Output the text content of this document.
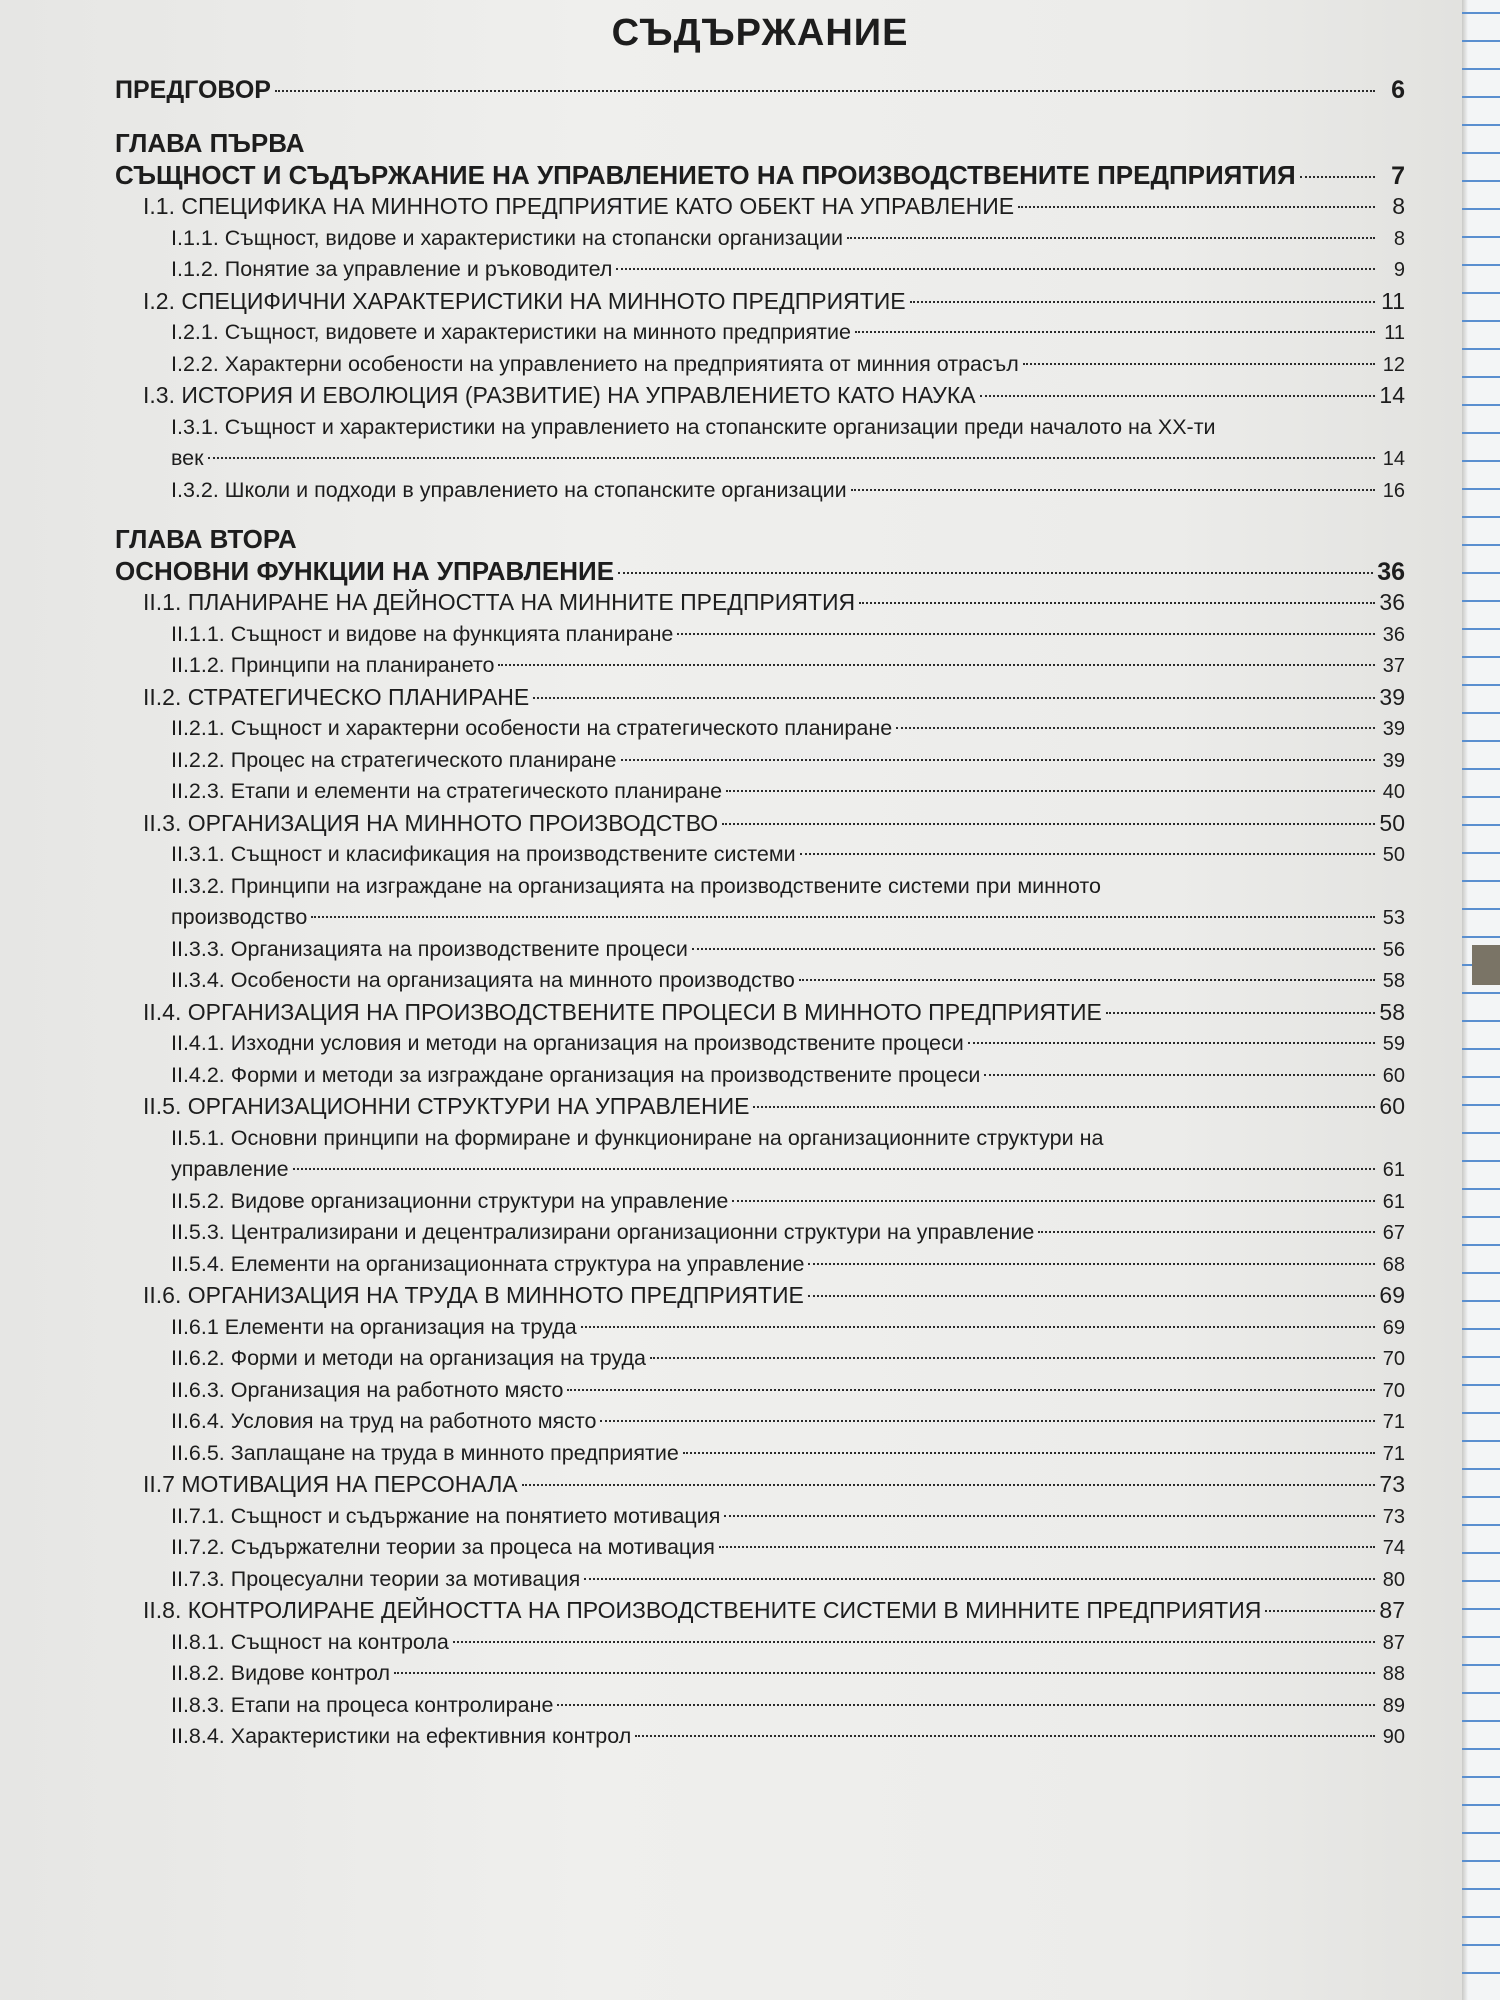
СЪДЪРЖАНИЕ
ПРЕДГОВОР	6
ГЛАВА ПЪРВА
СЪЩНОСТ И СЪДЪРЖАНИЕ НА УПРАВЛЕНИЕТО НА ПРОИЗВОДСТВЕНИТЕ ПРЕДПРИЯТИЯ	7
I.1. СПЕЦИФИКА НА МИННОТО ПРЕДПРИЯТИЕ КАТО ОБЕКТ НА УПРАВЛЕНИЕ	8
I.1.1. Същност, видове и характеристики на стопански организации	8
I.1.2. Понятие за управление и ръководител	9
I.2. СПЕЦИФИЧНИ ХАРАКТЕРИСТИКИ НА МИННОТО ПРЕДПРИЯТИЕ	11
I.2.1. Същност, видовете и характеристики на минното предприятие	11
I.2.2. Характерни особености на управлението на предприятията от минния отрасъл	12
I.3. ИСТОРИЯ И ЕВОЛЮЦИЯ (РАЗВИТИЕ) НА УПРАВЛЕНИЕТО КАТО НАУКА	14
I.3.1. Същност и характеристики на управлението на стопанските организации преди началото на XX-ти
век	14
I.3.2. Школи и подходи в управлението на стопанските организации	16
ГЛАВА ВТОРА
ОСНОВНИ ФУНКЦИИ НА УПРАВЛЕНИЕ	36
II.1. ПЛАНИРАНЕ НА ДЕЙНОСТТА НА МИННИТЕ ПРЕДПРИЯТИЯ	36
II.1.1. Същност и видове на функцията планиране	36
II.1.2. Принципи на планирането	37
II.2. СТРАТЕГИЧЕСКО ПЛАНИРАНЕ	39
II.2.1. Същност и характерни особености на стратегическото планиране	39
II.2.2. Процес на стратегическото планиране	39
II.2.3. Етапи и елементи на стратегическото планиране	40
II.3. ОРГАНИЗАЦИЯ НА МИННОТО ПРОИЗВОДСТВО	50
II.3.1. Същност и класификация на производствените системи	50
II.3.2. Принципи на изграждане на организацията на производствените системи при минното
производство	53
II.3.3. Организацията на производствените процеси	56
II.3.4. Особености на организацията на минното производство	58
II.4. ОРГАНИЗАЦИЯ НА ПРОИЗВОДСТВЕНИТЕ ПРОЦЕСИ В МИННОТО ПРЕДПРИЯТИЕ	58
II.4.1. Изходни условия и методи на организация на производствените процеси	59
II.4.2. Форми и методи за изграждане организация на производствените процеси	60
II.5. ОРГАНИЗАЦИОННИ СТРУКТУРИ НА УПРАВЛЕНИЕ	60
II.5.1. Основни принципи на формиране и функциониране на организационните структури на
управление	61
II.5.2. Видове организационни структури на управление	61
II.5.3. Централизирани и децентрализирани организационни структури на управление	67
II.5.4. Елементи на организационната структура на управление	68
II.6. ОРГАНИЗАЦИЯ НА ТРУДА В МИННОТО ПРЕДПРИЯТИЕ	69
II.6.1 Елементи на организация на труда	69
II.6.2. Форми и методи на организация на труда	70
II.6.3. Организация на работното място	70
II.6.4. Условия на труд на работното място	71
II.6.5. Заплащане на труда в минното предприятие	71
II.7 МОТИВАЦИЯ НА ПЕРСОНАЛА	73
II.7.1. Същност и съдържание на понятието мотивация	73
II.7.2. Съдържателни теории за процеса на мотивация	74
II.7.3. Процесуални теории за мотивация	80
II.8. КОНТРОЛИРАНЕ ДЕЙНОСТТА НА ПРОИЗВОДСТВЕНИТЕ СИСТЕМИ В МИННИТЕ ПРЕДПРИЯТИЯ	87
II.8.1. Същност на контрола	87
II.8.2. Видове контрол	88
II.8.3. Етапи на процеса контролиране	89
II.8.4. Характеристики на ефективния контрол	90
